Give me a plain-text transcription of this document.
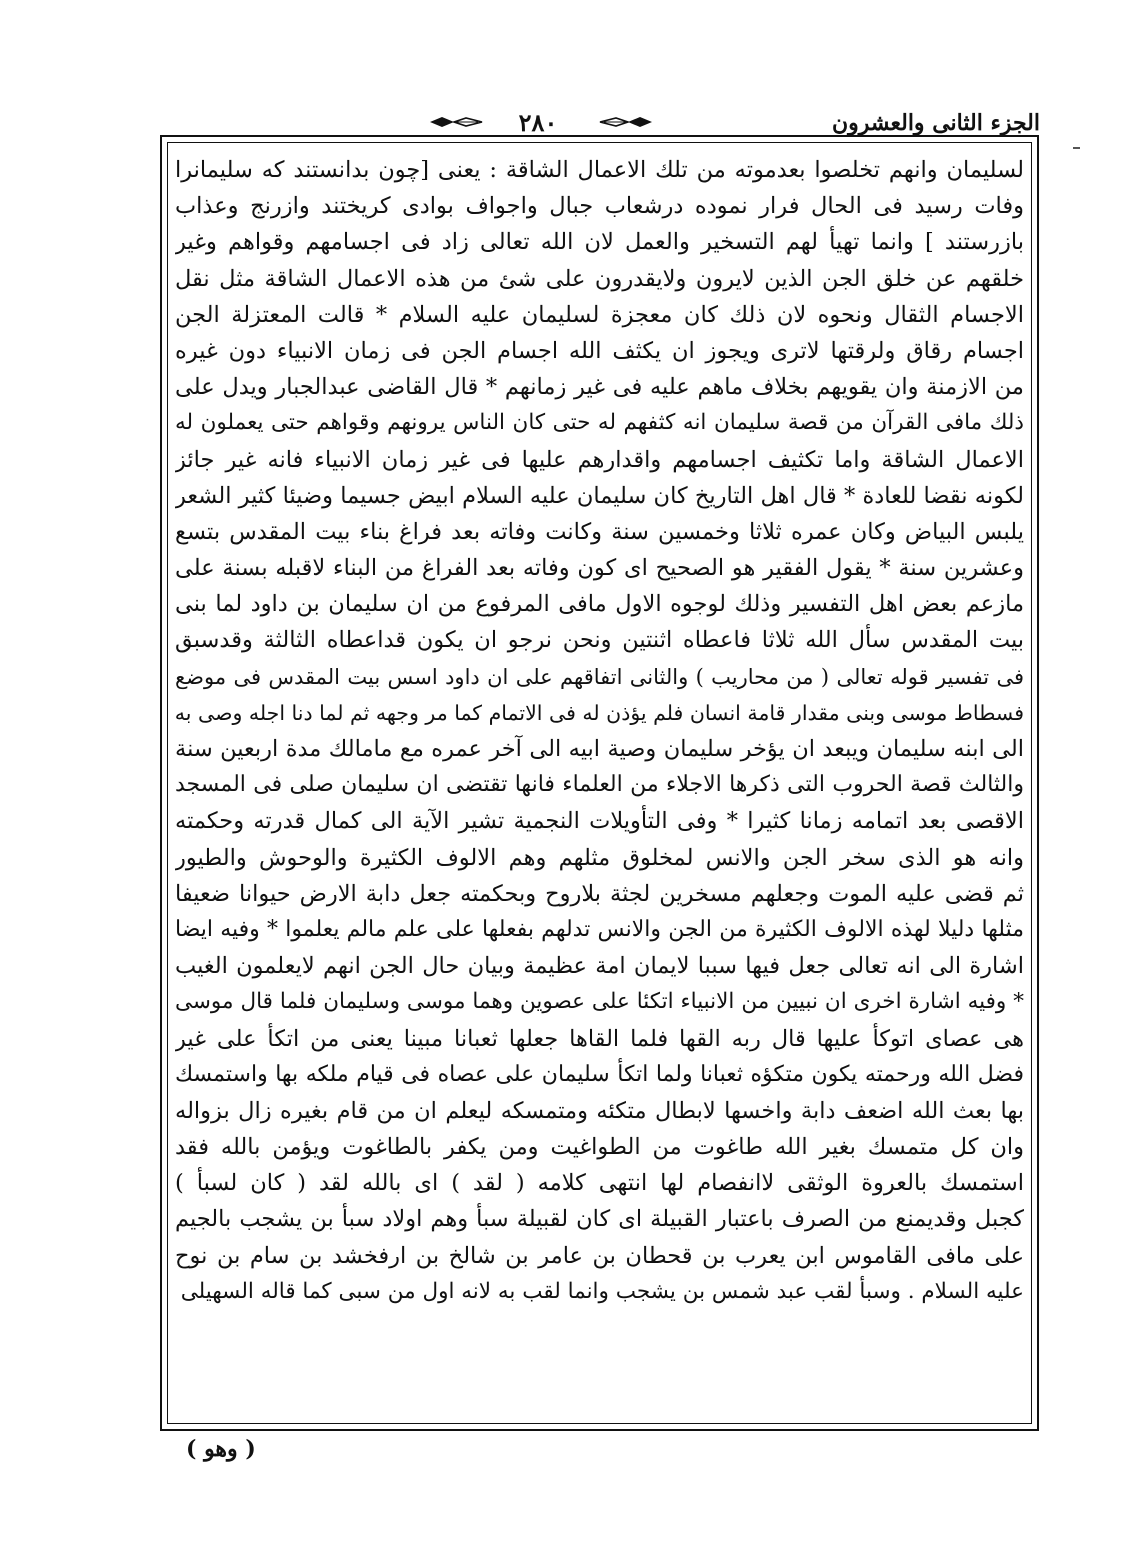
الجزء الثانى والعشرون
٢٨٠
لسليمان وانهم تخلصوا بعدموته من تلك الاعمال الشاقة : يعنى [چون بدانستند كه سليمانرا
وفات رسيد فى الحال فرار نموده درشعاب جبال واجواف بوادى كريختند وازرنج وعذاب
بازرستند ] وانما تهيأ لهم التسخير والعمل لان الله تعالى زاد فى اجسامهم وقواهم وغير
خلقهم عن خلق الجن الذين لايرون ولايقدرون على شئ من هذه الاعمال الشاقة مثل نقل
الاجسام الثقال ونحوه لان ذلك كان معجزة لسليمان عليه السلام * قالت المعتزلة الجن
اجسام رقاق ولرقتها لاترى ويجوز ان يكثف الله اجسام الجن فى زمان الانبياء دون غيره
من الازمنة وان يقويهم بخلاف ماهم عليه فى غير زمانهم * قال القاضى عبدالجبار ويدل على
ذلك مافى القرآن من قصة سليمان انه كثفهم له حتى كان الناس يرونهم وقواهم حتى يعملون له
الاعمال الشاقة واما تكثيف اجسامهم واقدارهم عليها فى غير زمان الانبياء فانه غير جائز
لكونه نقضا للعادة * قال اهل التاريخ كان سليمان عليه السلام ابيض جسيما وضيئا كثير الشعر
يلبس البياض وكان عمره ثلاثا وخمسين سنة وكانت وفاته بعد فراغ بناء بيت المقدس بتسع
وعشرين سنة * يقول الفقير هو الصحيح اى كون وفاته بعد الفراغ من البناء لاقبله بسنة على
مازعم بعض اهل التفسير وذلك لوجوه الاول مافى المرفوع من ان سليمان بن داود لما بنى
بيت المقدس سأل الله ثلاثا فاعطاه اثنتين ونحن نرجو ان يكون قداعطاه الثالثة وقدسبق
فى تفسير قوله تعالى ( من محاريب ) والثانى اتفاقهم على ان داود اسس بيت المقدس فى موضع
فسطاط موسى وبنى مقدار قامة انسان فلم يؤذن له فى الاتمام كما مر وجهه ثم لما دنا اجله وصى به
الى ابنه سليمان ويبعد ان يؤخر سليمان وصية ابيه الى آخر عمره مع مامالك مدة اربعين سنة
والثالث قصة الحروب التى ذكرها الاجلاء من العلماء فانها تقتضى ان سليمان صلى فى المسجد
الاقصى بعد اتمامه زمانا كثيرا * وفى التأويلات النجمية تشير الآية الى كمال قدرته وحكمته
وانه هو الذى سخر الجن والانس لمخلوق مثلهم وهم الالوف الكثيرة والوحوش والطيور
ثم قضى عليه الموت وجعلهم مسخرين لجثة بلاروح وبحكمته جعل دابة الارض حيوانا ضعيفا
مثلها دليلا لهذه الالوف الكثيرة من الجن والانس تدلهم بفعلها على علم مالم يعلموا * وفيه ايضا
اشارة الى انه تعالى جعل فيها سببا لايمان امة عظيمة وبيان حال الجن انهم لايعلمون الغيب
* وفيه اشارة اخرى ان نبيين من الانبياء اتكئا على عصوين وهما موسى وسليمان فلما قال موسى
هى عصاى اتوكأ عليها قال ربه القها فلما القاها جعلها ثعبانا مبينا يعنى من اتكأ على غير
فضل الله ورحمته يكون متكؤه ثعبانا ولما اتكأ سليمان على عصاه فى قيام ملكه بها واستمسك
بها بعث الله اضعف دابة واخسها لابطال متكئه ومتمسكه ليعلم ان من قام بغيره زال بزواله
وان كل متمسك بغير الله طاغوت من الطواغيت ومن يكفر بالطاغوت ويؤمن بالله فقد
استمسك بالعروة الوثقى لاانفصام لها انتهى كلامه ( لقد ) اى بالله لقد ( كان لسبأ )
كجبل وقديمنع من الصرف باعتبار القبيلة اى كان لقبيلة سبأ وهم اولاد سبأ بن يشجب بالجيم
على مافى القاموس ابن يعرب بن قحطان بن عامر بن شالخ بن ارفخشد بن سام بن نوح
عليه السلام . وسبأ لقب عبد شمس بن يشجب وانما لقب به لانه اول من سبى كما قاله السهيلى
( وهو )
